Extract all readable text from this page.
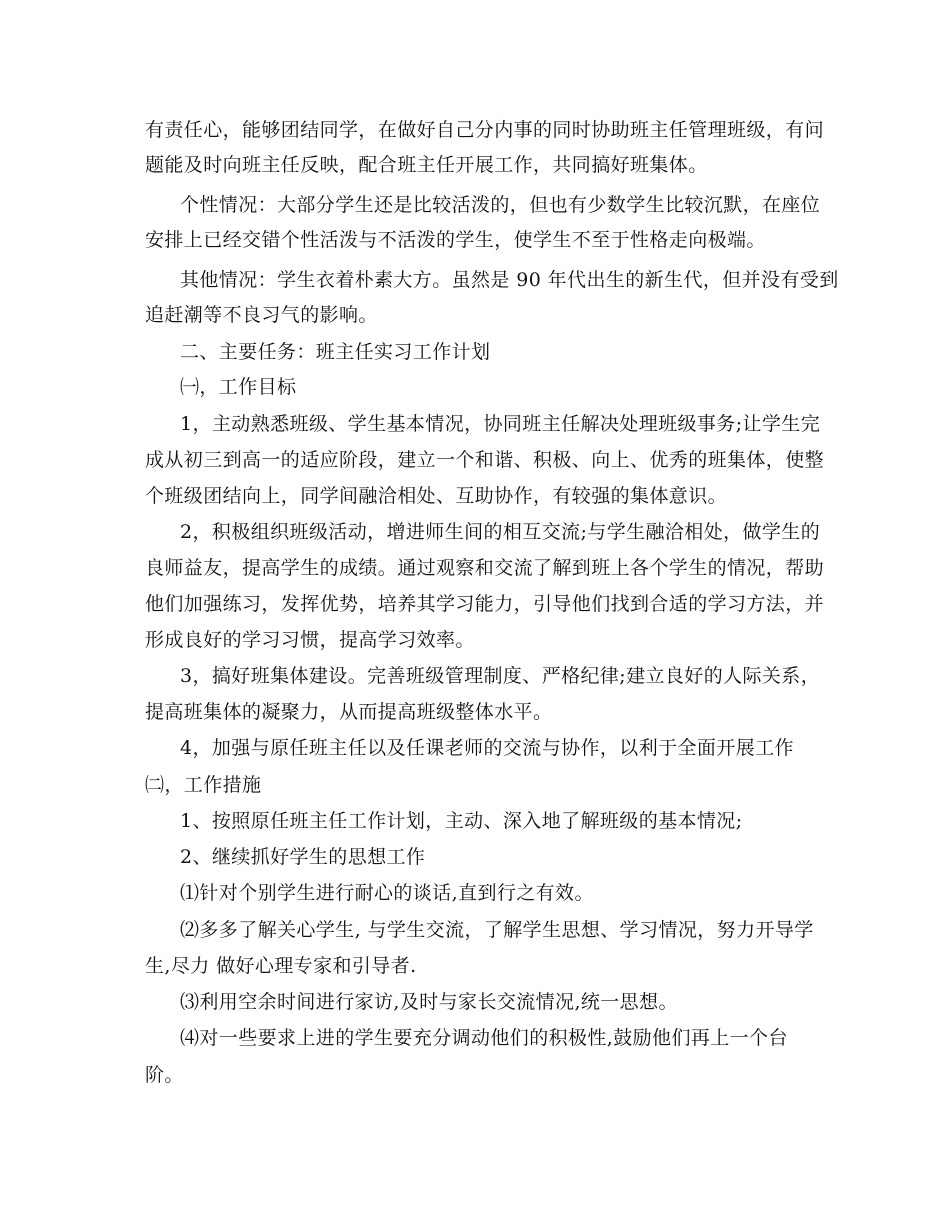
有责任心，能够团结同学，在做好自己分内事的同时协助班主任管理班级，有问
题能及时向班主任反映，配合班主任开展工作，共同搞好班集体。
个性情况：大部分学生还是比较活泼的，但也有少数学生比较沉默，在座位
安排上已经交错个性活泼与不活泼的学生，使学生不至于性格走向极端。
其他情况：学生衣着朴素大方。虽然是 90 年代出生的新生代，但并没有受到
追赶潮等不良习气的影响。
二、主要任务：班主任实习工作计划
㈠，工作目标
1，主动熟悉班级、学生基本情况，协同班主任解决处理班级事务;让学生完
成从初三到高一的适应阶段，建立一个和谐、积极、向上、优秀的班集体，使整
个班级团结向上，同学间融洽相处、互助协作，有较强的集体意识。
2，积极组织班级活动，增进师生间的相互交流;与学生融洽相处，做学生的
良师益友，提高学生的成绩。通过观察和交流了解到班上各个学生的情况，帮助
他们加强练习，发挥优势，培养其学习能力，引导他们找到合适的学习方法，并
形成良好的学习习惯，提高学习效率。
3，搞好班集体建设。完善班级管理制度、严格纪律;建立良好的人际关系，
提高班集体的凝聚力，从而提高班级整体水平。
4，加强与原任班主任以及任课老师的交流与协作，以利于全面开展工作
㈡，工作措施
1、按照原任班主任工作计划，主动、深入地了解班级的基本情况;
2、继续抓好学生的思想工作
⑴针对个别学生进行耐心的谈话,直到行之有效。
⑵多多了解关心学生, 与学生交流，了解学生思想、学习情况，努力开导学
生,尽力 做好心理专家和引导者.
⑶利用空余时间进行家访,及时与家长交流情况,统一思想。
⑷对一些要求上进的学生要充分调动他们的积极性,鼓励他们再上一个台
阶。
